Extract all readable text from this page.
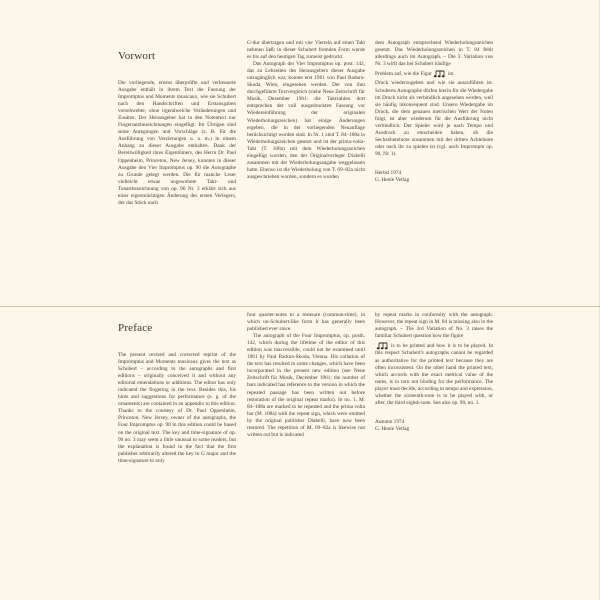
Vorwort

Die vorliegende, erneut überprüfte und verbesserte Ausgabe enthält in ihrem Text die Fassung der Impromptus und Moments musicaux, wie sie Schubert nach den Handschriften und Erstausgaben vorsehwebte, ohne irgendwelche Veränderungen und Zusätze. Der Herausgeber hat in den Notentext nur Fingersatzbezeichnungen eingefügt. Im Übrigen sind seine Anregungen und Vorschläge (z. B. für die Ausführung von Verzierungen u. a. m.) in einem Anhang zu dieser Ausgabe enthalten. Dank der Bereitwilligkeit ihres Eigentümers, des Herrn Dr. Paul Oppenheim, Princeton, New Jersey, konnten in dieser Ausgabe den Vier Impromptus op. 90 die Autographe zu Grunde gelegt werden. Die für manche Leser vielleicht etwas ungewohnte Takt- und Tonartbezeichnung von op. 90 Nr. 3 erklärt sich aus einer eigenmächtigen Änderung des ersten Verlegers, der das Stück nach

G-dur übertragen und mit vier Vierteln auf einen Takt nehmen ließ; in dieser Schubert fremden Form wurde es bis auf den heutigen Tag zumeist gedruckt.

Das Autograph der Vier Impromptus op. post. 142, das zu Lebzeiten des Herausgebers dieser Ausgabe unzugänglich war, konnte erst 1961 von Paul Badura-Skoda, Wien, eingesehen werden. Der von ihm durchgeführte Textvergleich (siehe Neue Zeitschrift für Musik, Dezember 1961: die Taktzahlen dort entsprechen der voll ausgedruckten Fassung vor Wiedereinführung der originalen Wiederholungszeichen) hat einige Änderungen ergeben, die in der vorliegenden Neuauflage berücksichtigt worden sind. In Nr. 1 sind T. 84–108a in Wiederholungszeichen gesetzt und ist der prima-volta-Takt (T. 108a) mit dem Wiederholungszeichen eingefügt worden, den der Originalverleger Diabelli zusammen mit der Wiederholungsangabe weggelassen hatte. Ebenso ist die Wiederholung von T. 69–82a nicht ausgeschrieben worden, sondern es wurden

dem Autograph entsprechend Wiederholungszeichen gesetzt. Das Wiederholungszeichen in T. 84 fehlt allerdings auch im Autograph. – Die 3. Variation von Nr. 3 wirft das bei Schubert häufige

Problem auf, wie die Figur	im

Druck wiederzugeben und wie sie auszuführen ist. Schuberts Autographe dürfen hierin für die Wiedergabe im Druck nicht als verbindlich angesehen werden, weil sie häufig inkonsequent sind. Unsere Wiedergabe im Druck, die dem genauen metrischen Wert der Noten folgt, ist aber wiederum für die Ausführung nicht verbindlich. Der Spieler wird je nach Tempo und Ausdruck zu entscheiden haben, ob die Sechzehntelnote zusammen mit der dritten Achtelnote oder nach ihr zu spielen ist (vgl. auch Impromptu op. 90, Nr. 1).

Herbst 1974

G. Henle Verlag

Preface

The present revised and corrected reprint of the Impromptus and Moments musicaux gives the text as Schubert – according to the autographs and first editions – originally conceived it and without any editorial emendations or additions. The editor has only indicated the fingering in the text. Besides this, his hints and suggestions for performance (e. g. of the ornaments) are contained in an appendix to this edition. Thanks to the courtesy of Dr. Paul Oppenheim, Princeton, New Jersey, owner of the autographs, the Four Impromptus op. 90 in this edition could be based on the original text. The key and time-signature of op. 90 no. 3 may seem a little unusual to some readers, but the explanation is found in the fact that the first publisher arbitrarily altered the key to G major and the time-signature to only

four quarter-notes to a measure (common-time), in which un-Schubert-like form it has generally been published ever since.

The autograph of the Four Impromptus, op. posth. 142, which during the lifetime of the editor of this edition was inaccessible, could not be examined until 1961 by Paul Badura-Skoda, Vienna. His collation of the text has resulted in some changes, which have been incorporated in the present new edition (see Neue Zeitschrift für Musik, December 1961; the number of bars indicated has reference to the version in which the repeated passage has been written out before restoration of the original repeat marks). In no. 1, M. 84–108a are marked to be repeated and the prima volta bar (M. 108a) with the repeat sign, which were omitted by the original publisher Diabelli, have now been restored. The repetition of M. 69–82a is likewise not written out but is indicated

by repeat marks in conformity with the autograph. However, the repeat sign in M. 84 is missing also in the autograph. – The 3rd Variation of No. 3 raises the familiar Schubert question how the figure

is to be printed and how it is to be played. In this respect Schubert's autographs cannot be regarded as authoritative for the printed text because they are often inconsistent. On the other hand the printed text, which accords with the exact metrical value of the notes, is in turn not binding for the performance. The player must decide, according to tempo and expression, whether the sixteenth-note is to be played with, or after, the third eighth-note. See also op. 90, no. 1.

Autumn 1974

G. Henle Verlag
